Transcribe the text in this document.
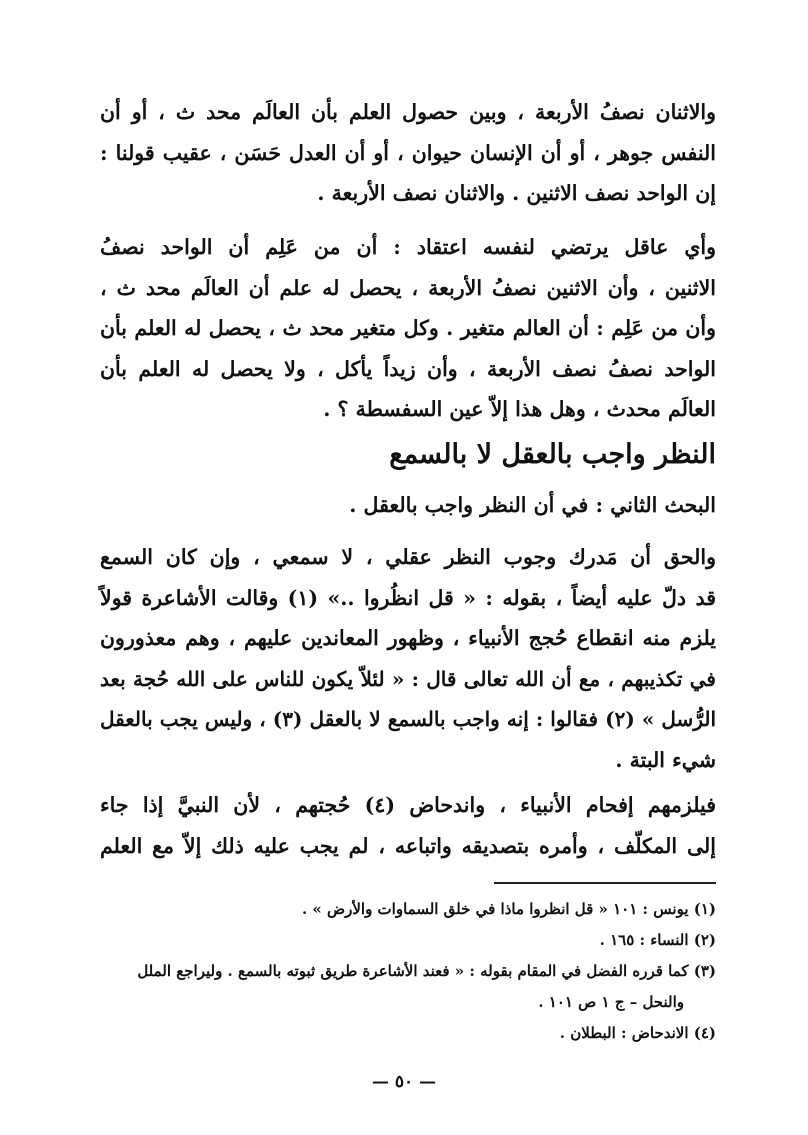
والاثنان نصفُ الأربعة ، وبين حصول العلم بأن العالَم محد ث ، أو أن

النفس جوهر ، أو أن الإنسان حيوان ، أو أن العدل حَسَن ، عقيب قولنا :

إن الواحد نصف الاثنين . والاثنان نصف الأربعة .

وأي عاقل يرتضي لنفسه اعتقاد : أن من عَلِم أن الواحد نصفُ

الاثنين ، وأن الاثنين نصفُ الأربعة ، يحصل له علم أن العالَم محد ث ،

وأن من عَلِم : أن العالم متغير . وكل متغير محد ث ، يحصل له العلم بأن

الواحد نصفُ نصف الأربعة ، وأن زيداً يأكل ، ولا يحصل له العلم بأن

العالَم محدث ، وهل هذا إلاّ عين السفسطة ؟ .

النظر واجب بالعقل لا بالسمع
البحث الثاني : في أن النظر واجب بالعقل .

والحق أن مَدرك وجوب النظر عقلي ، لا سمعي ، وإن كان السمع

قد دلّ عليه أيضاً ، بقوله : « قل انظُروا ..» (١) وقالت الأشاعرة قولاً

يلزم منه انقطاع حُجج الأنبياء ، وظهور المعاندين عليهم ، وهم معذورون

في تكذيبهم ، مع أن الله تعالى قال : « لئلاّ يكون للناس على الله حُجة بعد

الرُّسل » (٢) فقالوا : إنه واجب بالسمع لا بالعقل (٣) ، وليس يجب بالعقل

شيء البتة .

فيلزمهم إفحام الأنبياء ، واندحاض (٤) حُجتهم ، لأن النبيَّ إذا جاء

إلى المكلّف ، وأمره بتصديقه واتباعه ، لم يجب عليه ذلك إلاّ مع العلم

(١) يونس : ١٠١ « قل انظروا ماذا في خلق السماوات والأرض » .

(٢) النساء : ١٦٥ .

(٣) كما قرره الفضل في المقام بقوله : « فعند الأشاعرة طريق ثبوته بالسمع . وليراجع الملل

والنحل – ج ١ ص ١٠١ .

(٤) الاندحاض : البطلان .

— ٥٠ —
